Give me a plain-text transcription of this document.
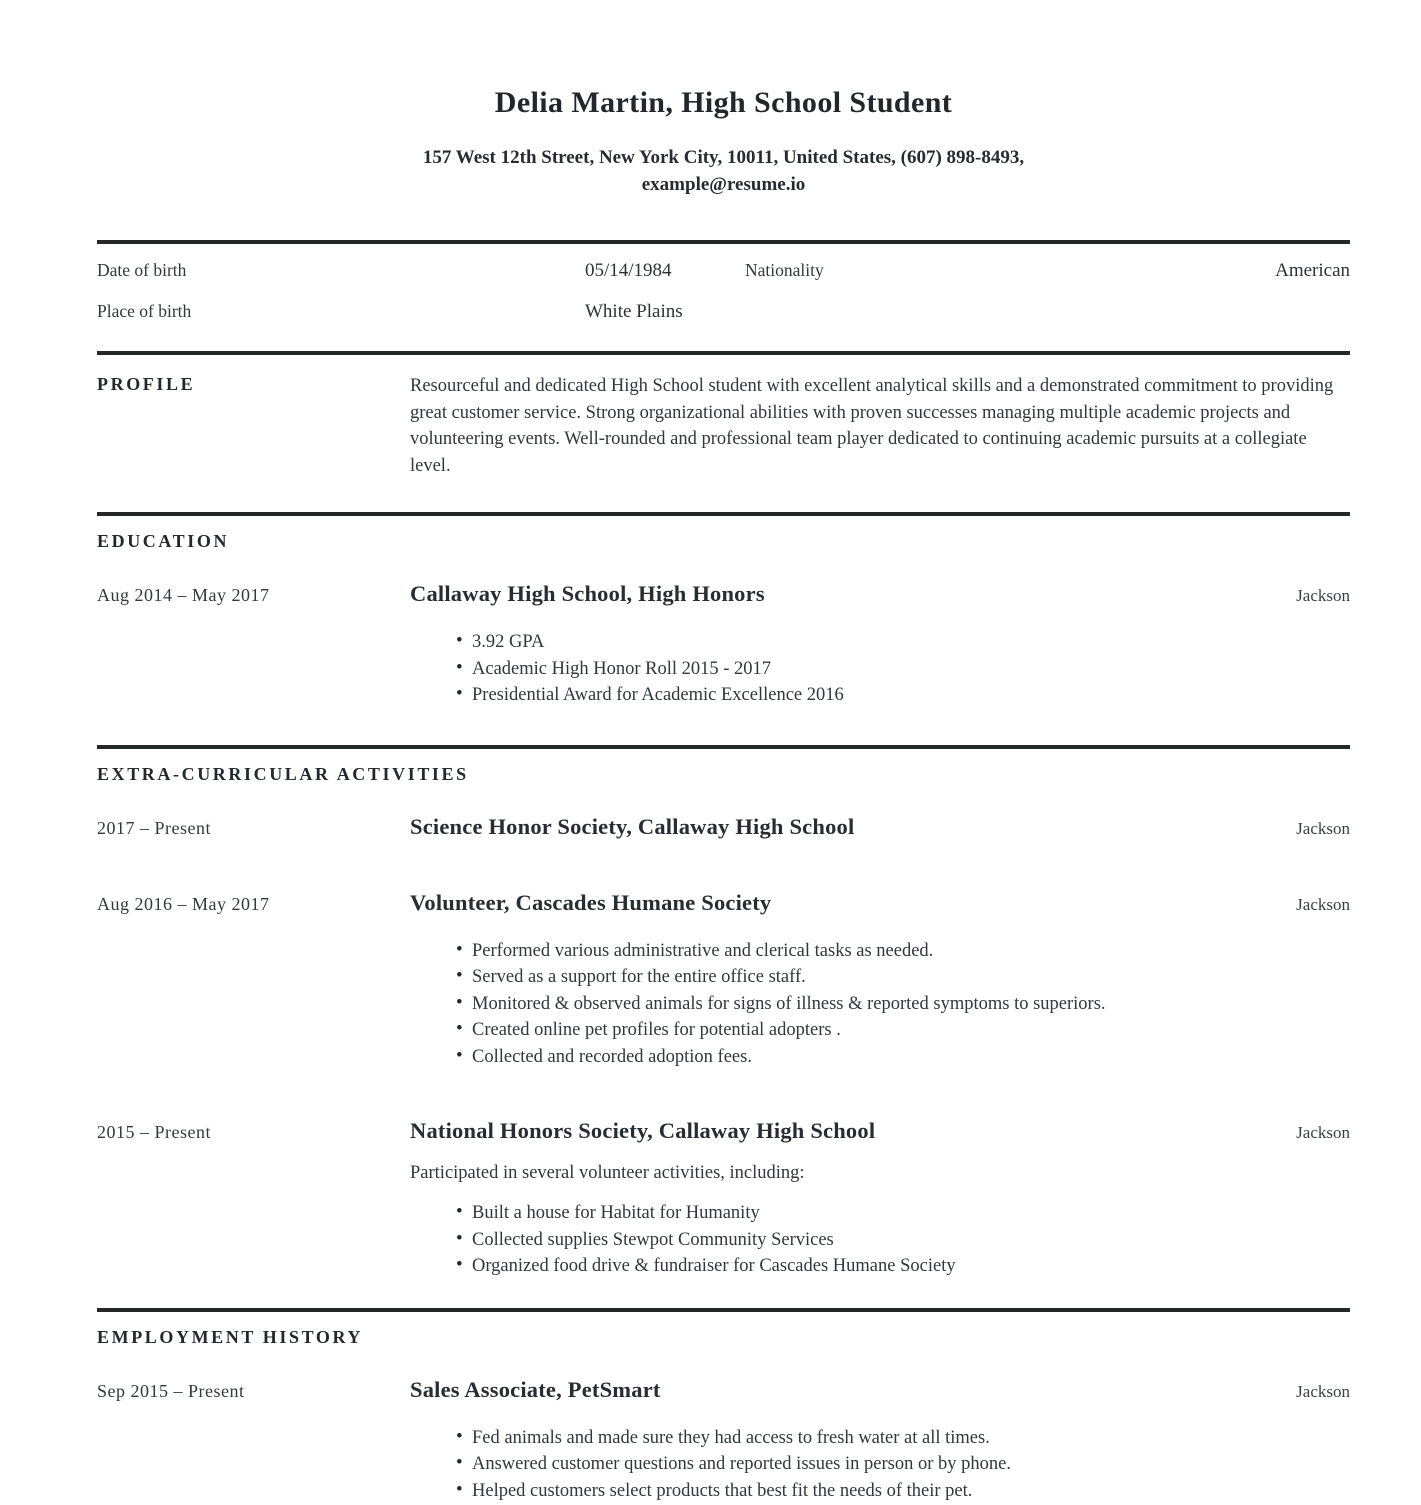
Delia Martin, High School Student
157 West 12th Street, New York City, 10011, United States, (607) 898-8493,
example@resume.io
Date of birth	05/14/1984	Nationality	American
Place of birth	White Plains
PROFILE	Resourceful and dedicated High School student with excellent analytical skills and a demonstrated commitment to providing great customer service. Strong organizational abilities with proven successes managing multiple academic projects and volunteering events. Well-rounded and professional team player dedicated to continuing academic pursuits at a collegiate level.

EDUCATION
Aug 2014 – May 2017	Callaway High School, High Honors	Jackson
• 3.92 GPA
• Academic High Honor Roll 2015 - 2017
• Presidential Award for Academic Excellence 2016
EXTRA-CURRICULAR ACTIVITIES
2017 – Present	Science Honor Society, Callaway High School	Jackson
Aug 2016 – May 2017	Volunteer, Cascades Humane Society	Jackson
• Performed various administrative and clerical tasks as needed.
• Served as a support for the entire office staff.
• Monitored & observed animals for signs of illness & reported symptoms to superiors.
• Created online pet profiles for potential adopters .
• Collected and recorded adoption fees.
2015 – Present	National Honors Society, Callaway High School	Jackson

Participated in several volunteer activities, including:

• Built a house for Habitat for Humanity
• Collected supplies Stewpot Community Services
• Organized food drive & fundraiser for Cascades Humane Society
EMPLOYMENT HISTORY
Sep 2015 – Present	Sales Associate, PetSmart	Jackson
• Fed animals and made sure they had access to fresh water at all times.
• Answered customer questions and reported issues in person or by phone.
• Helped customers select products that best fit the needs of their pet.
